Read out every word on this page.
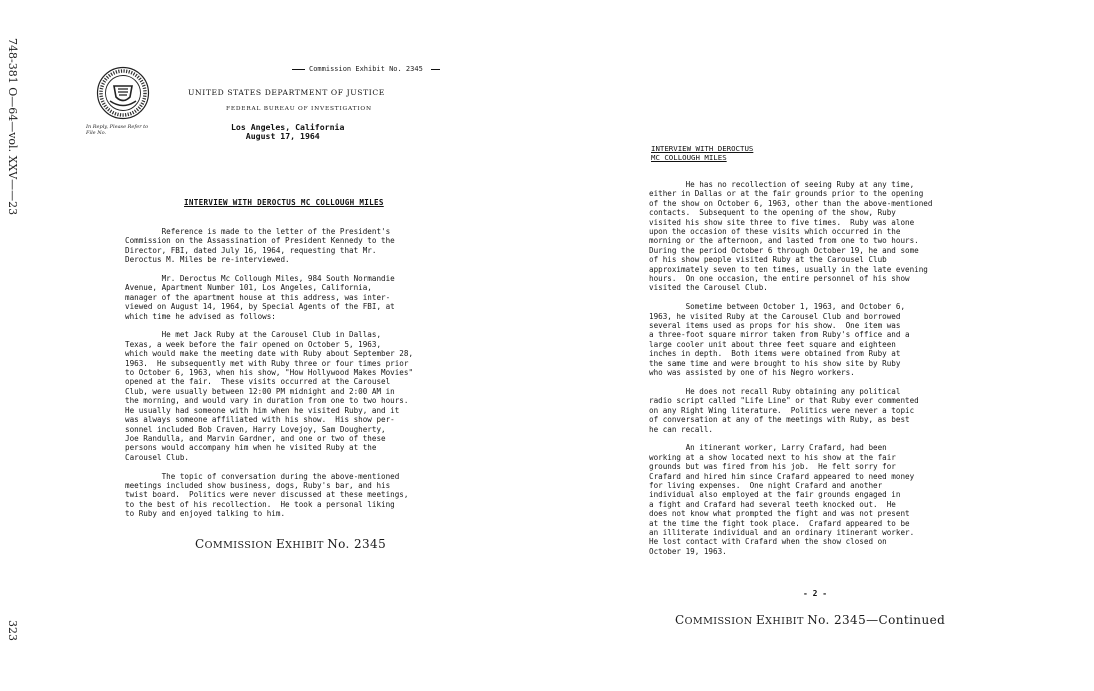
748-381 O—64—vol. XXV——23
323
In Reply, Please Refer to
File No.
Commission Exhibit No. 2345
UNITED STATES DEPARTMENT OF JUSTICE
FEDERAL BUREAU OF INVESTIGATION
Los Angeles, California
August 17, 1964
INTERVIEW WITH DEROCTUS MC COLLOUGH MILES

Reference is made to the letter of the President's
Commission on the Assassination of President Kennedy to the
Director, FBI, dated July 16, 1964, requesting that Mr.
Deroctus M. Miles be re-interviewed.

Mr. Deroctus Mc Collough Miles, 984 South Normandie
Avenue, Apartment Number 101, Los Angeles, California,
manager of the apartment house at this address, was inter-
viewed on August 14, 1964, by Special Agents of the FBI, at
which time he advised as follows:

He met Jack Ruby at the Carousel Club in Dallas,
Texas, a week before the fair opened on October 5, 1963,
which would make the meeting date with Ruby about September 28,
1963.  He subsequently met with Ruby three or four times prior
to October 6, 1963, when his show, "How Hollywood Makes Movies"
opened at the fair.  These visits occurred at the Carousel
Club, were usually between 12:00 PM midnight and 2:00 AM in
the morning, and would vary in duration from one to two hours.
He usually had someone with him when he visited Ruby, and it
was always someone affiliated with his show.  His show per-
sonnel included Bob Craven, Harry Lovejoy, Sam Dougherty,
Joe Randulla, and Marvin Gardner, and one or two of these
persons would accompany him when he visited Ruby at the
Carousel Club.

The topic of conversation during the above-mentioned
meetings included show business, dogs, Ruby's bar, and his
twist board.  Politics were never discussed at these meetings,
to the best of his recollection.  He took a personal liking
to Ruby and enjoyed talking to him.

COMMISSION EXHIBIT No. 2345
INTERVIEW WITH DEROCTUS
MC COLLOUGH MILES

He has no recollection of seeing Ruby at any time,
either in Dallas or at the fair grounds prior to the opening
of the show on October 6, 1963, other than the above-mentioned
contacts.  Subsequent to the opening of the show, Ruby
visited his show site three to five times.  Ruby was alone
upon the occasion of these visits which occurred in the
morning or the afternoon, and lasted from one to two hours.
During the period October 6 through October 19, he and some
of his show people visited Ruby at the Carousel Club
approximately seven to ten times, usually in the late evening
hours.  On one occasion, the entire personnel of his show
visited the Carousel Club.

Sometime between October 1, 1963, and October 6,
1963, he visited Ruby at the Carousel Club and borrowed
several items used as props for his show.  One item was
a three-foot square mirror taken from Ruby's office and a
large cooler unit about three feet square and eighteen
inches in depth.  Both items were obtained from Ruby at
the same time and were brought to his show site by Ruby
who was assisted by one of his Negro workers.

He does not recall Ruby obtaining any political
radio script called "Life Line" or that Ruby ever commented
on any Right Wing literature.  Politics were never a topic
of conversation at any of the meetings with Ruby, as best
he can recall.

An itinerant worker, Larry Crafard, had been
working at a show located next to his show at the fair
grounds but was fired from his job.  He felt sorry for
Crafard and hired him since Crafard appeared to need money
for living expenses.  One night Crafard and another
individual also employed at the fair grounds engaged in
a fight and Crafard had several teeth knocked out.  He
does not know what prompted the fight and was not present
at the time the fight took place.  Crafard appeared to be
an illiterate individual and an ordinary itinerant worker.
He lost contact with Crafard when the show closed on
October 19, 1963.

- 2 -
COMMISSION EXHIBIT No. 2345—Continued
